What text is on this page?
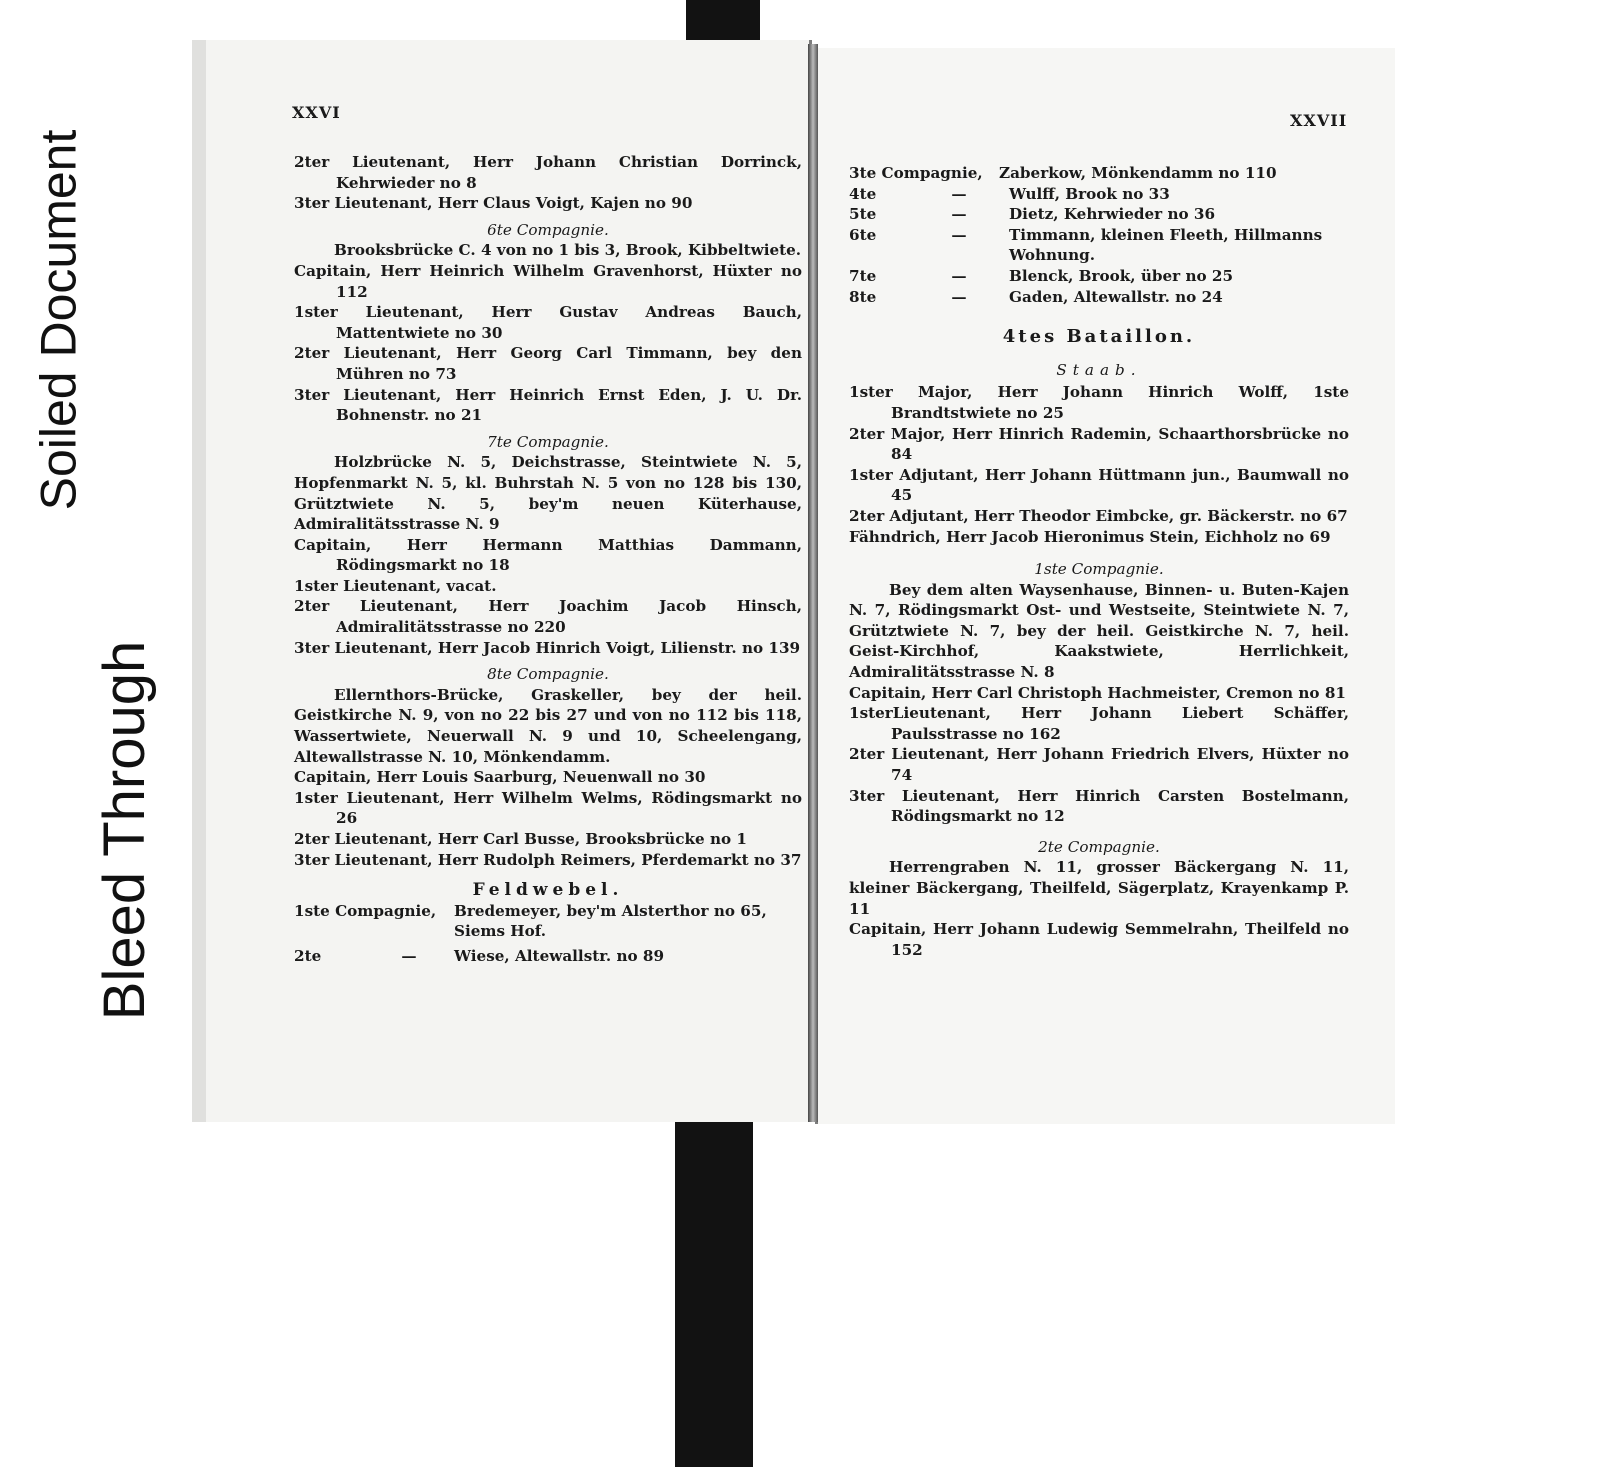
Soiled Document
Bleed Through
XXVI	XXVII
2ter Lieutenant, Herr Johann Christian Dorrinck, Kehrwieder no 8
3ter Lieutenant, Herr Claus Voigt, Kajen no 90
6te Compagnie.
Brooksbrücke C. 4 von no 1 bis 3, Brook, Kibbeltwiete.
Capitain, Herr Heinrich Wilhelm Gravenhorst, Hüxter no 112
1ster Lieutenant, Herr Gustav Andreas Bauch, Mattentwiete no 30
2ter Lieutenant, Herr Georg Carl Timmann, bey den Mühren no 73
3ter Lieutenant, Herr Heinrich Ernst Eden, J. U. Dr. Bohnenstr. no 21
7te Compagnie.
Holzbrücke N. 5, Deichstrasse, Steintwiete N. 5, Hopfenmarkt N. 5, kl. Buhrstah N. 5 von no 128 bis 130, Grütztwiete N. 5, bey'm neuen Küterhause, Admiralitätsstrasse N. 9
Capitain, Herr Hermann Matthias Dammann, Rödingsmarkt no 18
1ster Lieutenant, vacat.
2ter Lieutenant, Herr Joachim Jacob Hinsch, Admiralitätsstrasse no 220
3ter Lieutenant, Herr Jacob Hinrich Voigt, Lilienstr. no 139
8te Compagnie.
Ellernthors-Brücke, Graskeller, bey der heil. Geistkirche N. 9, von no 22 bis 27 und von no 112 bis 118, Wassertwiete, Neuerwall N. 9 und 10, Scheelengang, Altewallstrasse N. 10, Mönkendamm.
Capitain, Herr Louis Saarburg, Neuenwall no 30
1ster Lieutenant, Herr Wilhelm Welms, Rödingsmarkt no 26
2ter Lieutenant, Herr Carl Busse, Brooksbrücke no 1
3ter Lieutenant, Herr Rudolph Reimers, Pferdemarkt no 37
Feldwebel.
1ste Compagnie,	Bredemeyer, bey'm Alsterthor no 65, Siems Hof.
2te	—	Wiese, Altewallstr. no 89
3te Compagnie,	Zaberkow, Mönkendamm no 110
4te	—	Wulff, Brook no 33
5te	—	Dietz, Kehrwieder no 36
6te	—	Timmann, kleinen Fleeth, Hillmanns Wohnung.
7te	—	Blenck, Brook, über no 25
8te	—	Gaden, Altewallstr. no 24
4tes Bataillon.
Staab.
1ster Major, Herr Johann Hinrich Wolff, 1ste Brandtstwiete no 25
2ter Major, Herr Hinrich Rademin, Schaarthorsbrücke no 84
1ster Adjutant, Herr Johann Hüttmann jun., Baumwall no 45
2ter Adjutant, Herr Theodor Eimbcke, gr. Bäckerstr. no 67
Fähndrich, Herr Jacob Hieronimus Stein, Eichholz no 69
1ste Compagnie.
Bey dem alten Waysenhause, Binnen- u. Buten-Kajen N. 7, Rödingsmarkt Ost- und Westseite, Steintwiete N. 7, Grütztwiete N. 7, bey der heil. Geistkirche N. 7, heil. Geist-Kirchhof, Kaakstwiete, Herrlichkeit, Admiralitätsstrasse N. 8
Capitain, Herr Carl Christoph Hachmeister, Cremon no 81
1sterLieutenant, Herr Johann Liebert Schäffer, Paulsstrasse no 162
2ter Lieutenant, Herr Johann Friedrich Elvers, Hüxter no 74
3ter Lieutenant, Herr Hinrich Carsten Bostelmann, Rödingsmarkt no 12
2te Compagnie.
Herrengraben N. 11, grosser Bäckergang N. 11, kleiner Bäckergang, Theilfeld, Sägerplatz, Krayenkamp P. 11
Capitain, Herr Johann Ludewig Semmelrahn, Theilfeld no 152
